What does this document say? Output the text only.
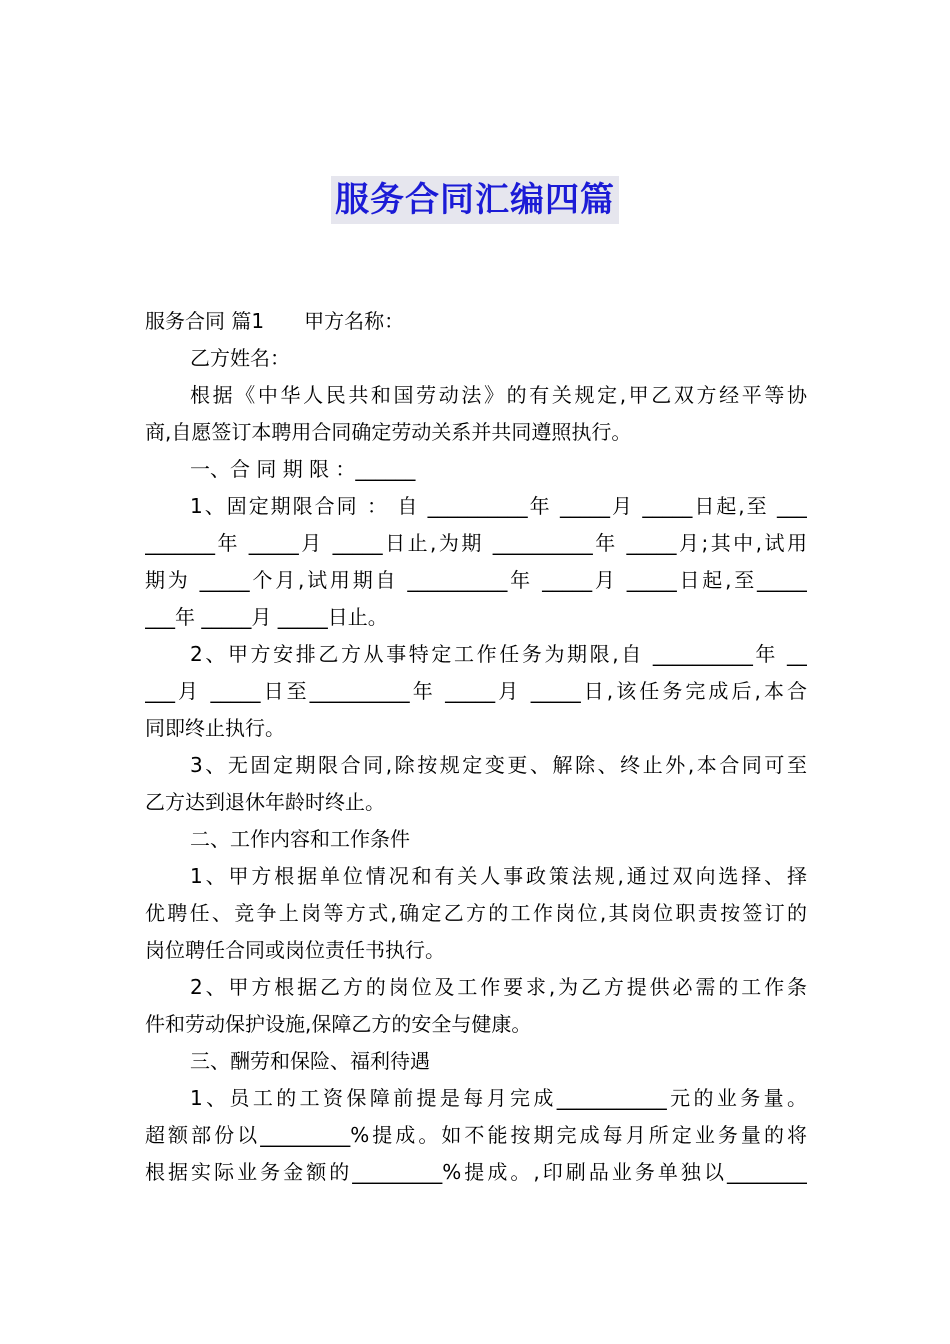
服务合同汇编四篇
服务合同 篇1　　甲方名称：
乙方姓名：
根据《中华人民共和国劳动法》的有关规定,甲乙双方经平等协
商,自愿签订本聘用合同确定劳动关系并共同遵照执行。
一、合 同 期 限 ：______
1、固定期限合同 ： 自 __________年 _____月 _____日起,至 ___
_______年 _____月 _____日止,为期 __________年 _____月;其中,试用
期为 _____个月,试用期自 __________年 _____月 _____日起,至_____
___年 _____月 _____日止。
2、甲方安排乙方从事特定工作任务为期限,自 __________年 __
___月 _____日至__________年 _____月 _____日,该任务完成后,本合
同即终止执行。
3、无固定期限合同,除按规定变更、解除、终止外,本合同可至
乙方达到退休年龄时终止。
二、工作内容和工作条件
1、甲方根据单位情况和有关人事政策法规,通过双向选择、择
优聘任、竞争上岗等方式,确定乙方的工作岗位,其岗位职责按签订的
岗位聘任合同或岗位责任书执行。
2、甲方根据乙方的岗位及工作要求,为乙方提供必需的工作条
件和劳动保护设施,保障乙方的安全与健康。
三、酬劳和保险、福利待遇
1、员工的工资保障前提是每月完成___________元的业务量。
超额部份以_________%提成。如不能按期完成每月所定业务量的将
根据实际业务金额的_________%提成。,印刷品业务单独以________
